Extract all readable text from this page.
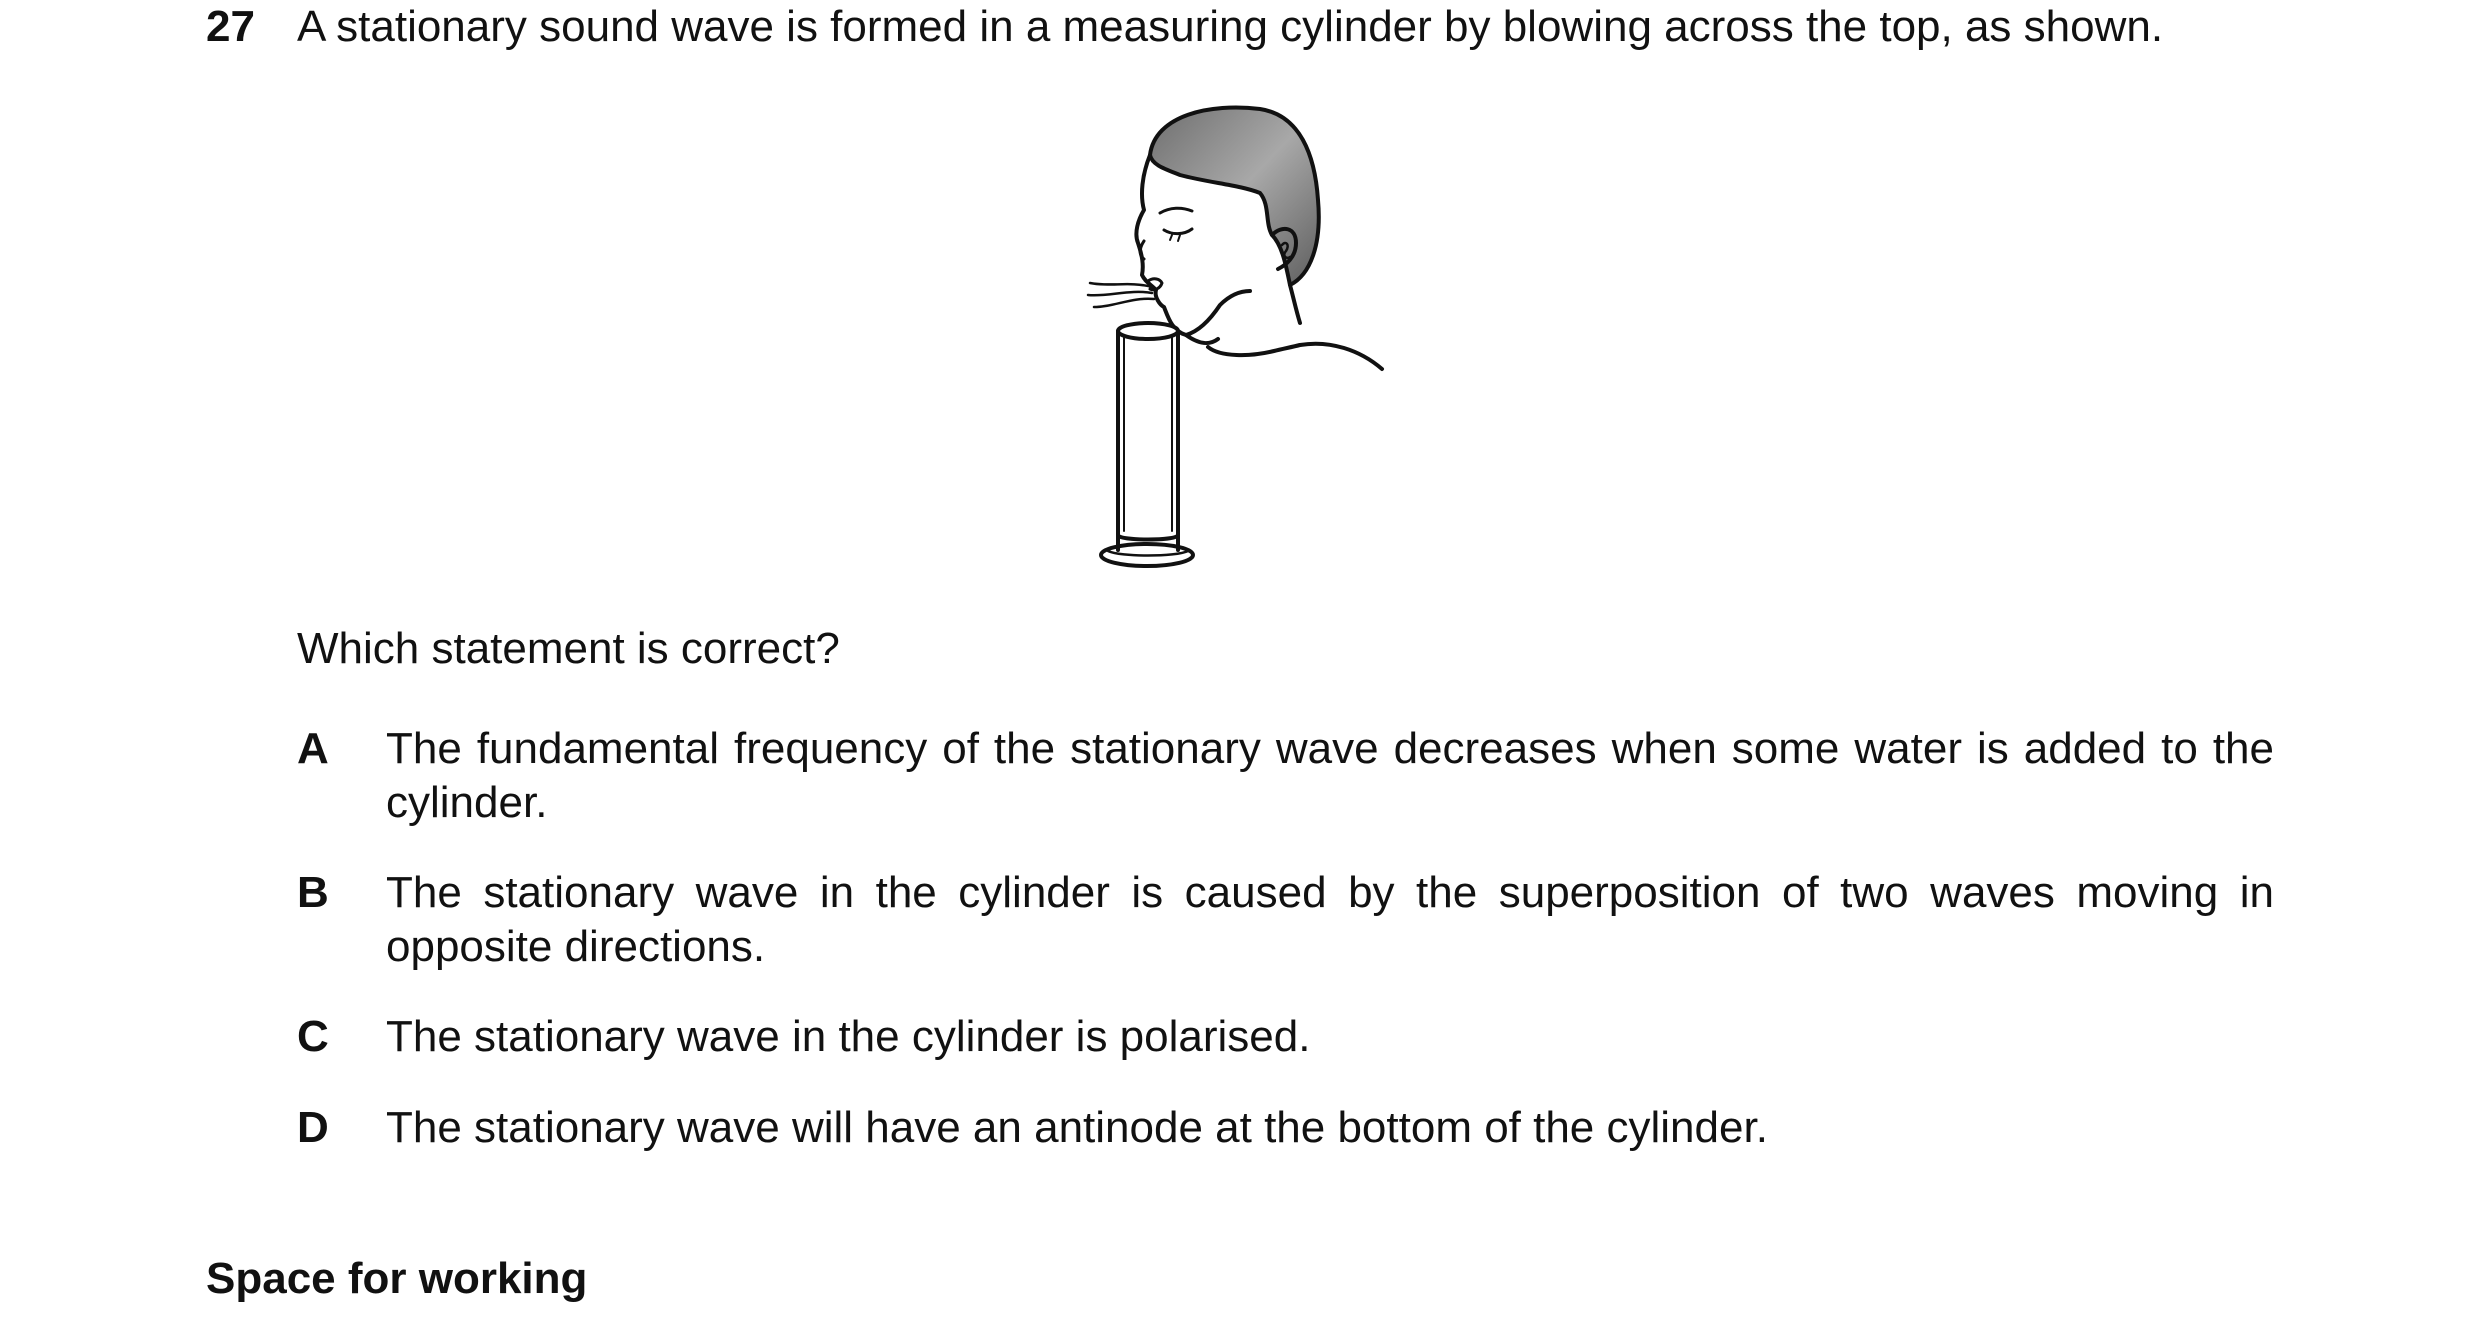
27 A stationary sound wave is formed in a measuring cylinder by blowing across the top, as shown.
Which statement is correct?
A The fundamental frequency of the stationary wave decreases when some water is added to the cylinder.
B The stationary wave in the cylinder is caused by the superposition of two waves moving in opposite directions.
C The stationary wave in the cylinder is polarised.
D The stationary wave will have an antinode at the bottom of the cylinder.
Space for working
